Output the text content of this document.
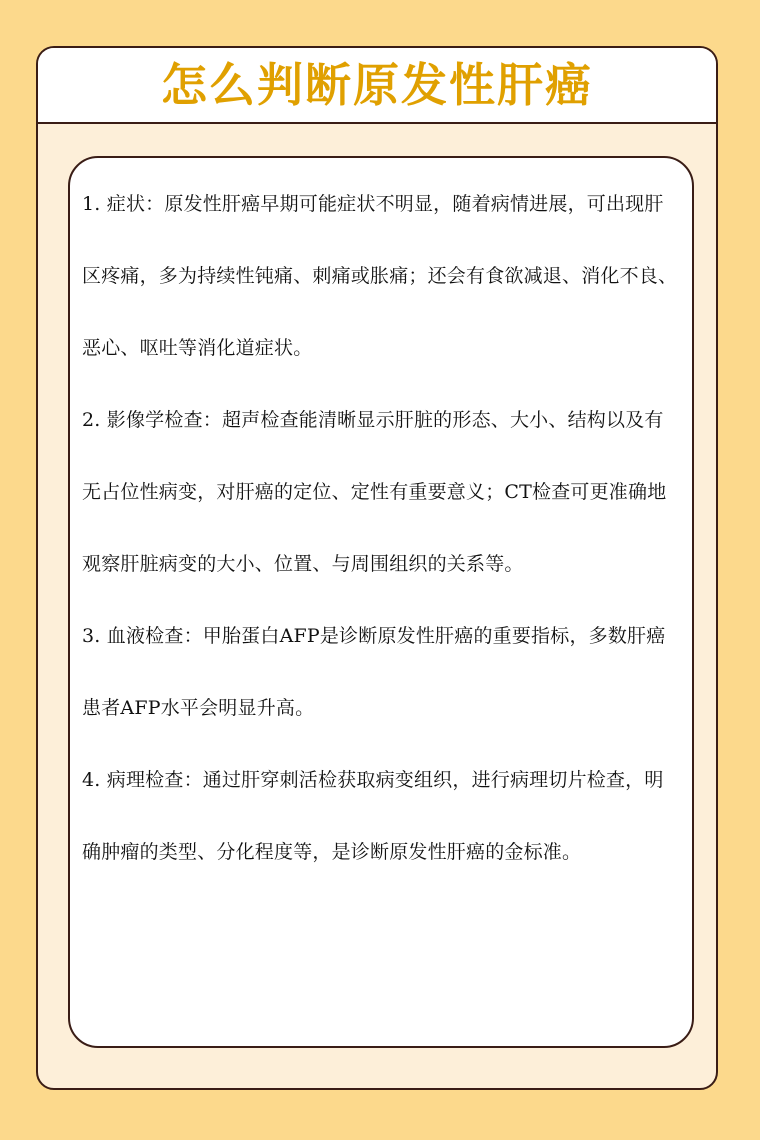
怎么判断原发性肝癌

1. 症状：原发性肝癌早期可能症状不明显，随着病情进展，可出现肝区疼痛，多为持续性钝痛、刺痛或胀痛；还会有食欲减退、消化不良、恶心、呕吐等消化道症状。

2. 影像学检查：超声检查能清晰显示肝脏的形态、大小、结构以及有无占位性病变，对肝癌的定位、定性有重要意义；CT检查可更准确地观察肝脏病变的大小、位置、与周围组织的关系等。

3. 血液检查：甲胎蛋白AFP是诊断原发性肝癌的重要指标，多数肝癌患者AFP水平会明显升高。

4. 病理检查：通过肝穿刺活检获取病变组织，进行病理切片检查，明确肿瘤的类型、分化程度等，是诊断原发性肝癌的金标准。
